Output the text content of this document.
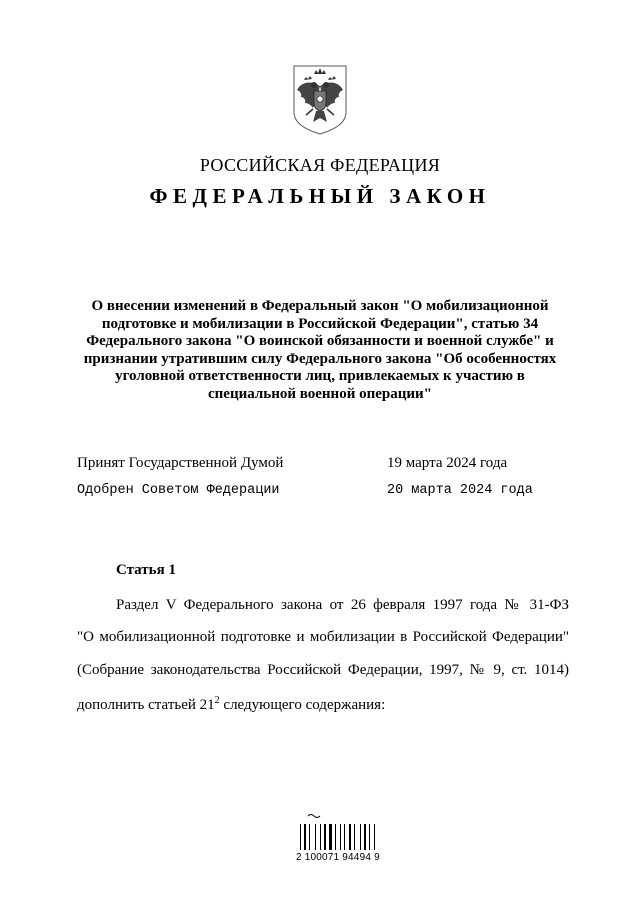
РОССИЙСКАЯ ФЕДЕРАЦИЯ
ФЕДЕРАЛЬНЫЙ ЗАКОН
О внесении изменений в Федеральный закон "О мобилизационной
подготовке и мобилизации в Российской Федерации", статью 34
Федерального закона "О воинской обязанности и военной службе" и
признании утратившим силу Федерального закона "Об особенностях
уголовной ответственности лиц, привлекаемых к участию в
специальной военной операции"
Принят Государственной Думой	19 марта 2024 года
Одобрен Советом Федерации	20 марта 2024 года
Статья 1
Раздел V Федерального закона от 26 февраля 1997 года № 31-ФЗ
"О мобилизационной подготовке и мобилизации в Российской Федерации"
(Собрание законодательства Российской Федерации, 1997, № 9, ст. 1014)
дополнить статьей $21^2$ следующего содержания:
2 100071 94494 9
